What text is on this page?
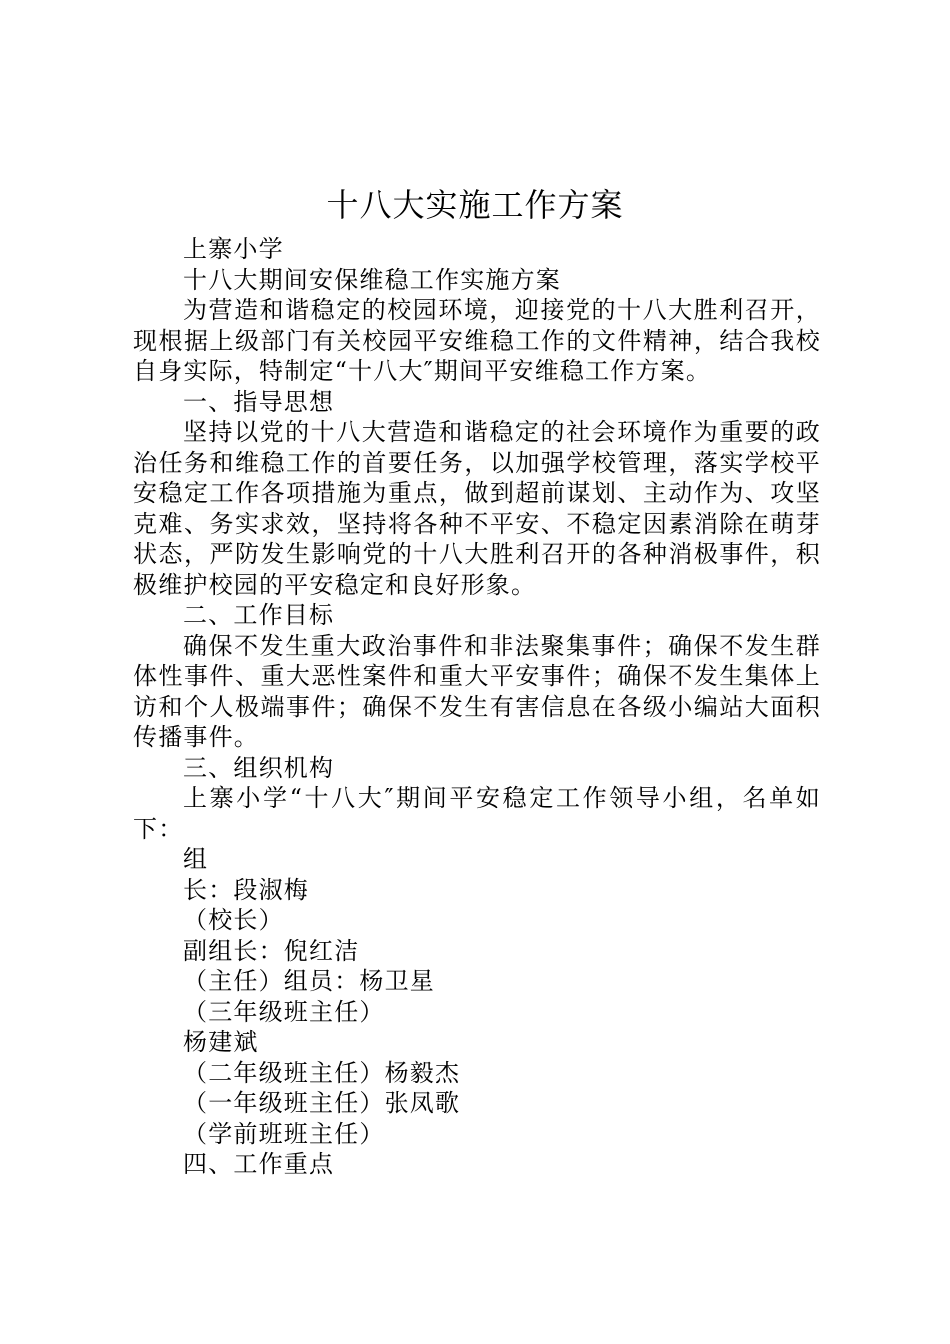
十八大实施工作方案
上寨小学
十八大期间安保维稳工作实施方案
为营造和谐稳定的校园环境，迎接党的十八大胜利召开，
现根据上级部门有关校园平安维稳工作的文件精神，结合我校
自身实际，特制定“十八大″期间平安维稳工作方案。
一、指导思想
坚持以党的十八大营造和谐稳定的社会环境作为重要的政
治任务和维稳工作的首要任务，以加强学校管理，落实学校平
安稳定工作各项措施为重点，做到超前谋划、主动作为、攻坚
克难、务实求效，坚持将各种不平安、不稳定因素消除在萌芽
状态，严防发生影响党的十八大胜利召开的各种消极事件，积
极维护校园的平安稳定和良好形象。
二、工作目标
确保不发生重大政治事件和非法聚集事件；确保不发生群
体性事件、重大恶性案件和重大平安事件；确保不发生集体上
访和个人极端事件；确保不发生有害信息在各级小编站大面积
传播事件。
三、组织机构
上寨小学“十八大″期间平安稳定工作领导小组，名单如
下：
组
长：段淑梅
（校长）
副组长：倪红洁
（主任）组员：杨卫星
（三年级班主任）
杨建斌
（二年级班主任）杨毅杰
（一年级班主任）张凤歌
（学前班班主任）
四、工作重点
